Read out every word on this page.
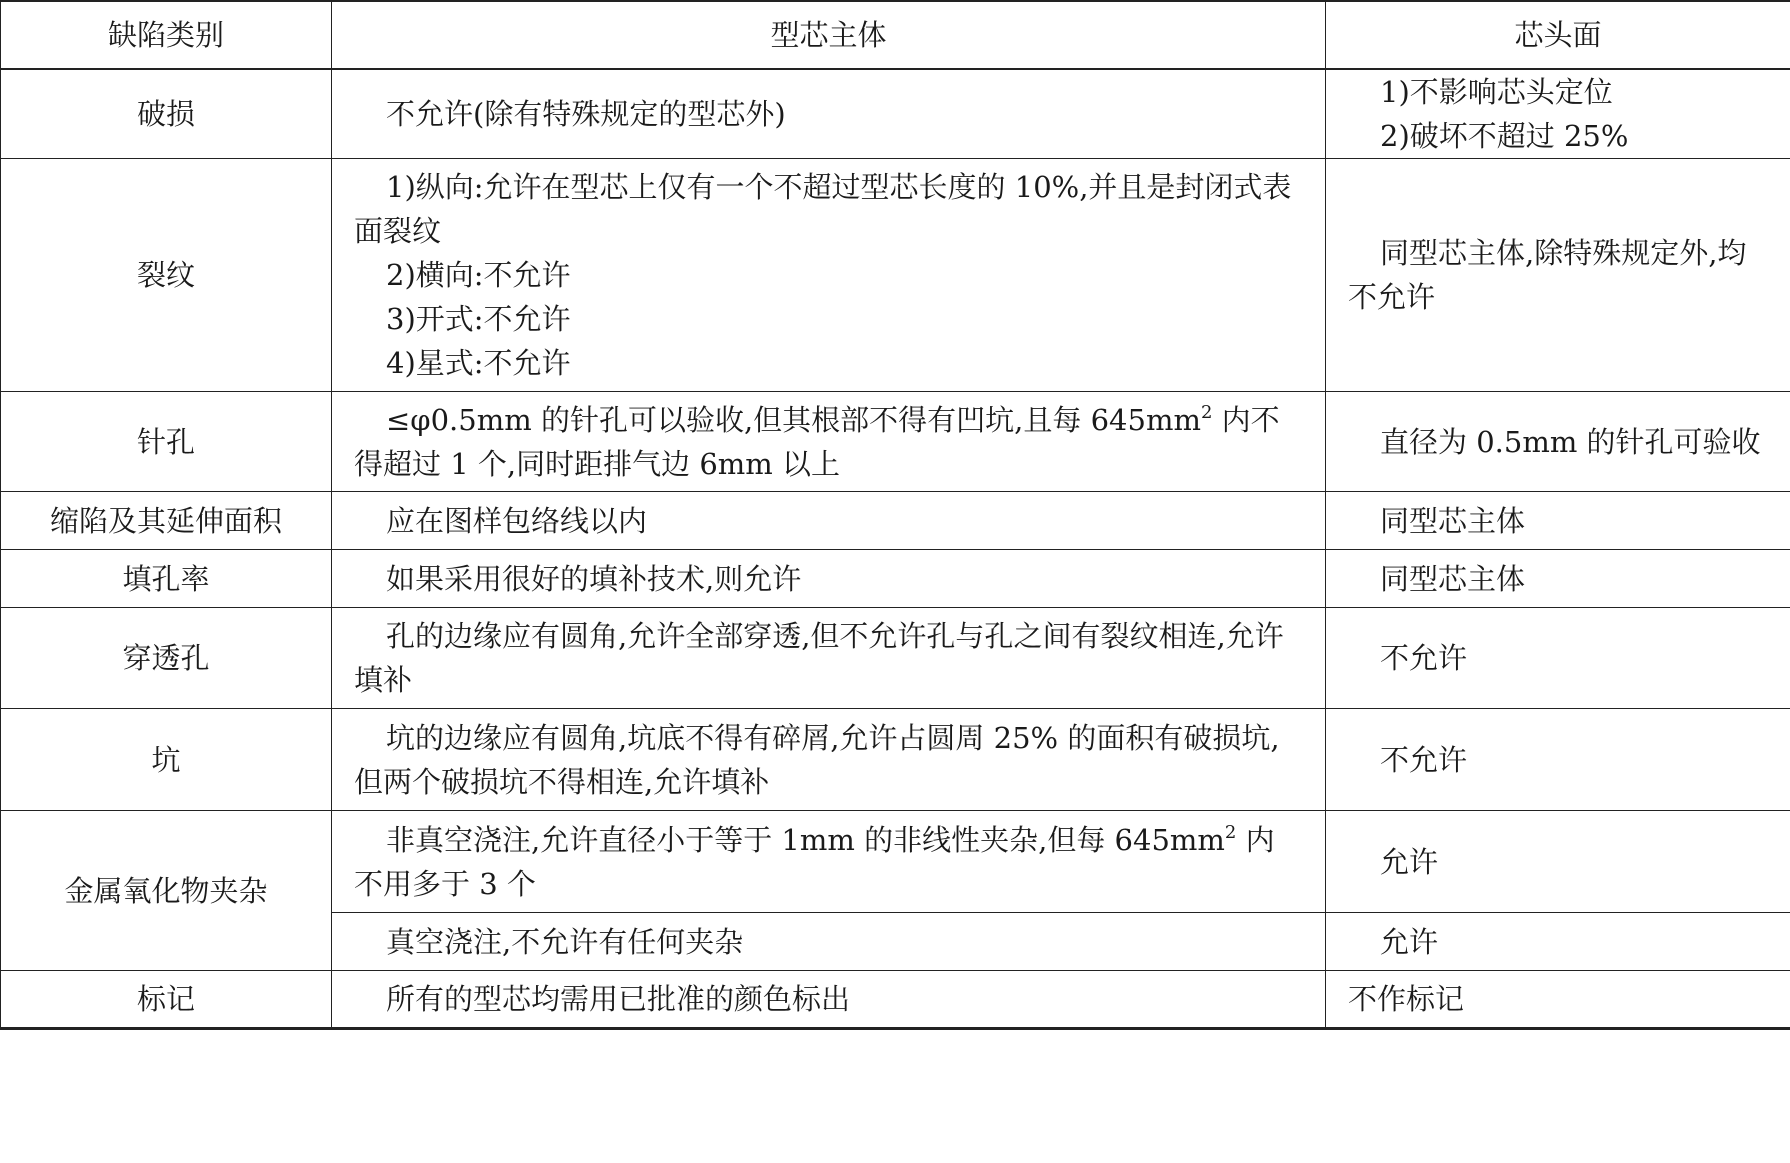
缺陷类别	型芯主体	芯头面
破损	不允许(除有特殊规定的型芯外)	1)不影响芯头定位
2)破坏不超过 25%

裂纹	1)纵向:允许在型芯上仅有一个不超过型芯长度的 10%,并且是封闭式表面裂纹
2)横向:不允许
3)开式:不允许
4)星式:不允许	同型芯主体,除特殊规定外,均不允许

针孔	≤φ0.5mm 的针孔可以验收,但其根部不得有凹坑,且每 $645mm^2$ 内不得超过 1 个,同时距排气边 6mm 以上	直径为 0.5mm 的针孔可验收

缩陷及其延伸面积	应在图样包络线以内	同型芯主体

填孔率	如果采用很好的填补技术,则允许	同型芯主体

穿透孔	孔的边缘应有圆角,允许全部穿透,但不允许孔与孔之间有裂纹相连,允许填补	不允许

坑	坑的边缘应有圆角,坑底不得有碎屑,允许占圆周 25% 的面积有破损坑,但两个破损坑不得相连,允许填补	不允许

金属氧化物夹杂	非真空浇注,允许直径小于等于 1mm 的非线性夹杂,但每 $645mm^2$ 内不用多于 3 个	允许

	真空浇注,不允许有任何夹杂	允许

标记	所有的型芯均需用已批准的颜色标出	不作标记
